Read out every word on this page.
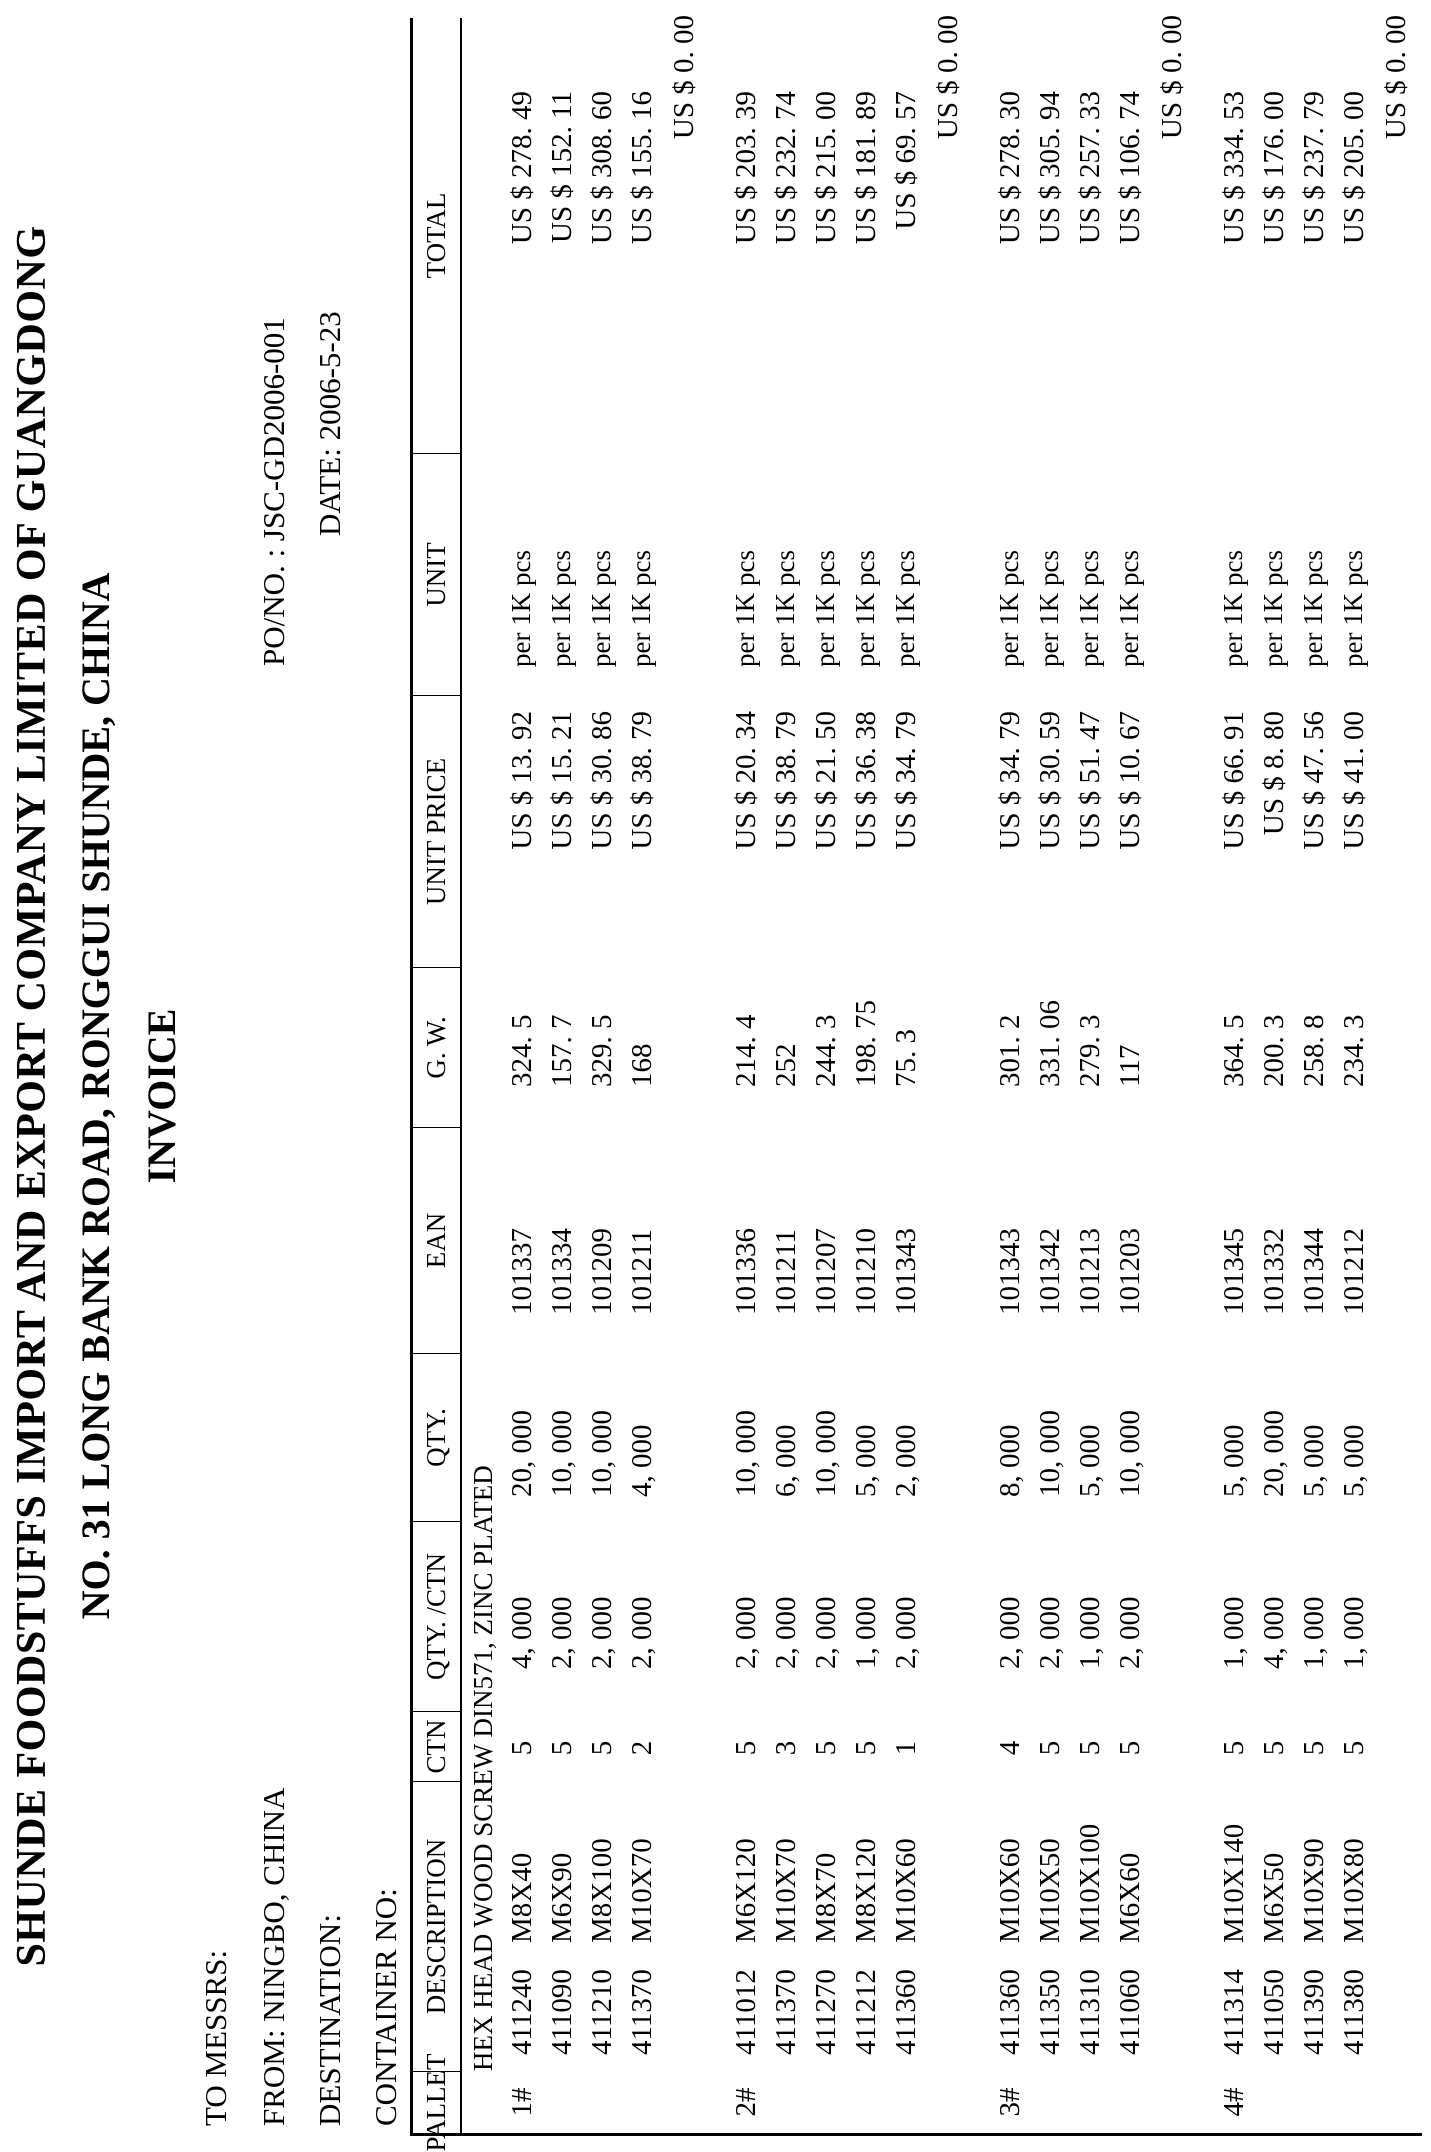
SHUNDE FOODSTUFFS IMPORT AND EXPORT COMPANY LIMITED OF GUANGDONG NO. 31 LONG BANK ROAD, RONGGUI SHUNDE, CHINA INVOICE
TO MESSRS: FROM: NINGBO, CHINA DESTINATION: CONTAINER NO:
PO/NO. : JSC-GD2006-001 DATE: 2006-5-23
PALLET
DESCRIPTION
CTN
QTY. /CTN
QTY.
EAN
G. W.
UNIT PRICE
UNIT
TOTAL
HEX HEAD WOOD SCREW DIN571, ZINC PLATED
1#
411240
M8X40
5
4, 000
20, 000
101337
324. 5
US $ 13. 92
per 1K pcs
US $ 278. 49
411090
M6X90
5
2, 000
10, 000
101334
157. 7
US $ 15. 21
per 1K pcs
US $ 152. 11
411210
M8X100
5
2, 000
10, 000
101209
329. 5
US $ 30. 86
per 1K pcs
US $ 308. 60
411370
M10X70
2
2, 000
4, 000
101211
168
US $ 38. 79
per 1K pcs
US $ 155. 16
US $ 0. 00
2#
411012
M6X120
5
2, 000
10, 000
101336
214. 4
US $ 20. 34
per 1K pcs
US $ 203. 39
411370
M10X70
3
2, 000
6, 000
101211
252
US $ 38. 79
per 1K pcs
US $ 232. 74
411270
M8X70
5
2, 000
10, 000
101207
244. 3
US $ 21. 50
per 1K pcs
US $ 215. 00
411212
M8X120
5
1, 000
5, 000
101210
198. 75
US $ 36. 38
per 1K pcs
US $ 181. 89
411360
M10X60
1
2, 000
2, 000
101343
75. 3
US $ 34. 79
per 1K pcs
US $ 69. 57
US $ 0. 00
3#
411360
M10X60
4
2, 000
8, 000
101343
301. 2
US $ 34. 79
per 1K pcs
US $ 278. 30
411350
M10X50
5
2, 000
10, 000
101342
331. 06
US $ 30. 59
per 1K pcs
US $ 305. 94
411310
M10X100
5
1, 000
5, 000
101213
279. 3
US $ 51. 47
per 1K pcs
US $ 257. 33
411060
M6X60
5
2, 000
10, 000
101203
117
US $ 10. 67
per 1K pcs
US $ 106. 74
US $ 0. 00
4#
411314
M10X140
5
1, 000
5, 000
101345
364. 5
US $ 66. 91
per 1K pcs
US $ 334. 53
411050
M6X50
5
4, 000
20, 000
101332
200. 3
US $ 8. 80
per 1K pcs
US $ 176. 00
411390
M10X90
5
1, 000
5, 000
101344
258. 8
US $ 47. 56
per 1K pcs
US $ 237. 79
411380
M10X80
5
1, 000
5, 000
101212
234. 3
US $ 41. 00
per 1K pcs
US $ 205. 00
US $ 0. 00
